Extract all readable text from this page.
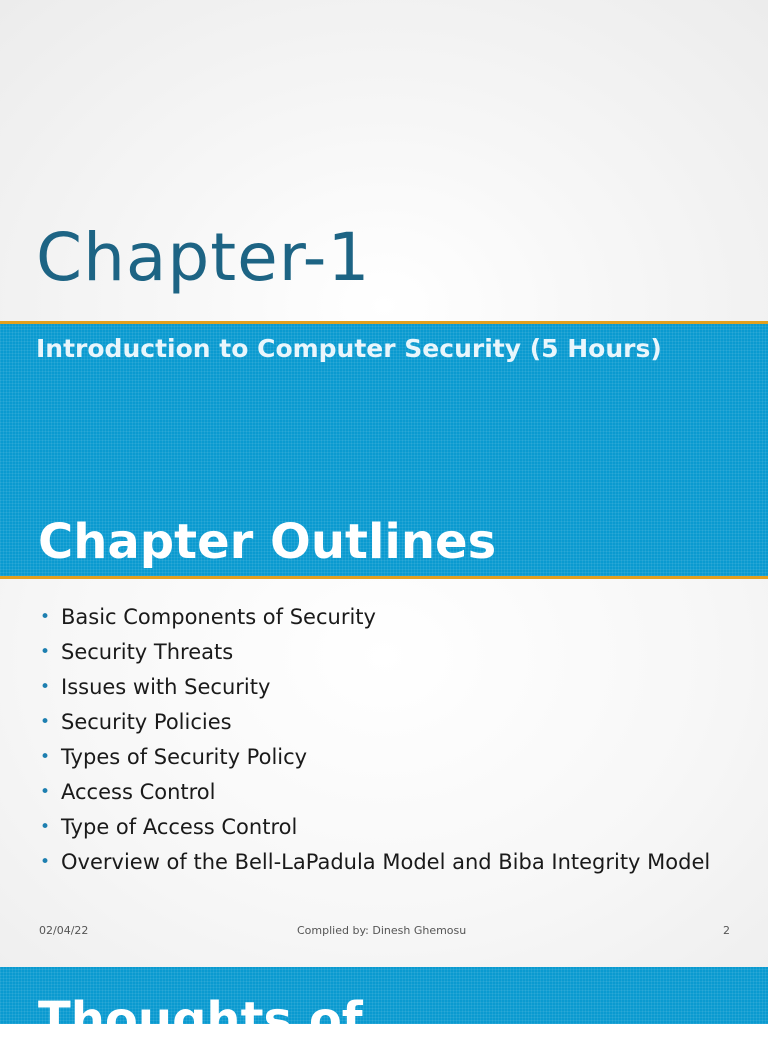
Chapter-1
Introduction to Computer Security (5 Hours)
Chapter Outlines
• Basic Components of Security
• Security Threats
• Issues with Security
• Security Policies
• Types of Security Policy
• Access Control
• Type of Access Control
• Overview of the Bell-LaPadula Model and Biba Integrity Model
02/04/22	Complied by: Dinesh Ghemosu	2
Thoughts of
